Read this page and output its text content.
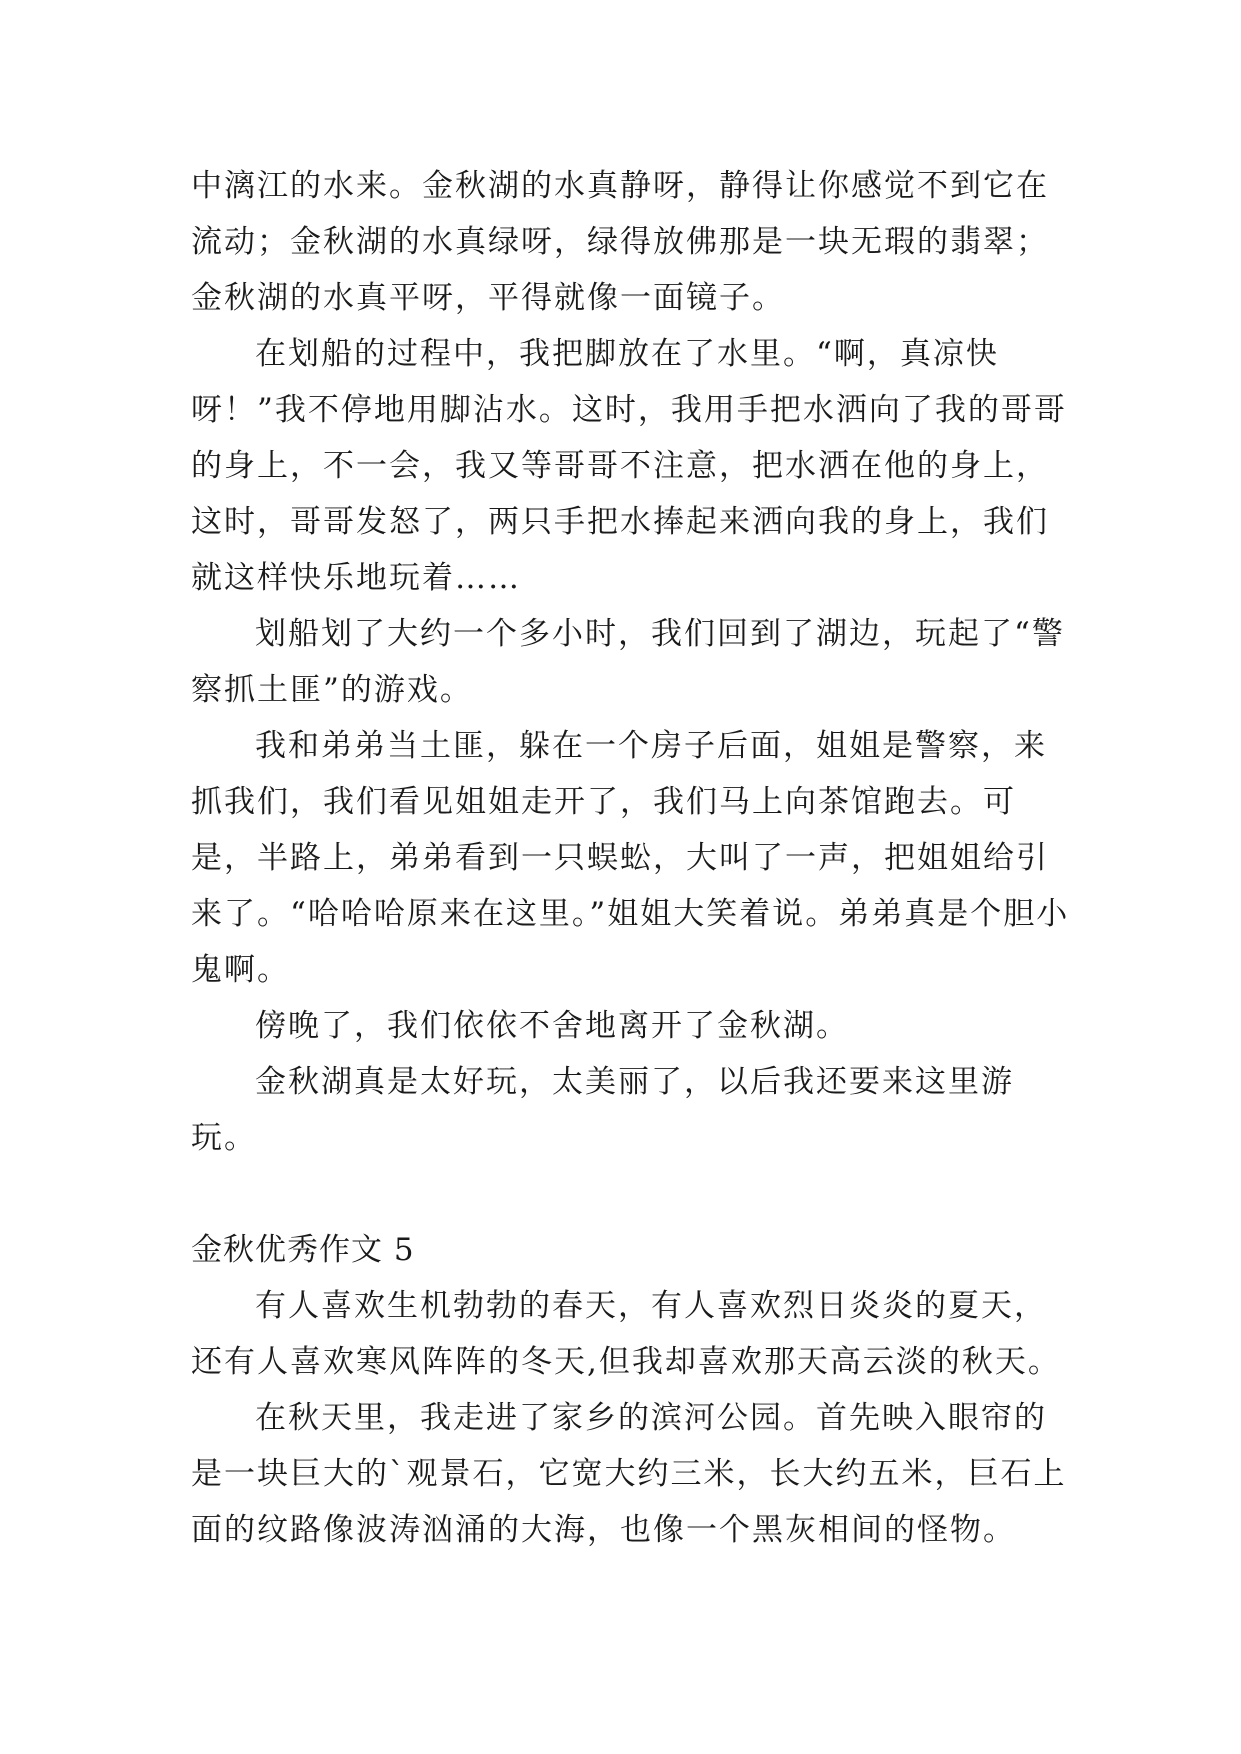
中漓江的水来。金秋湖的水真静呀，静得让你感觉不到它在流动；金秋湖的水真绿呀，绿得放佛那是一块无瑕的翡翠；金秋湖的水真平呀，平得就像一面镜子。

在划船的过程中，我把脚放在了水里。“啊，真凉快呀！”我不停地用脚沾水。这时，我用手把水洒向了我的哥哥的身上，不一会，我又等哥哥不注意，把水洒在他的身上，这时，哥哥发怒了，两只手把水捧起来洒向我的身上，我们就这样快乐地玩着……

划船划了大约一个多小时，我们回到了湖边，玩起了“警察抓土匪”的游戏。

我和弟弟当土匪，躲在一个房子后面，姐姐是警察，来抓我们，我们看见姐姐走开了，我们马上向茶馆跑去。可是，半路上，弟弟看到一只蜈蚣，大叫了一声，把姐姐给引来了。“哈哈哈原来在这里。”姐姐大笑着说。弟弟真是个胆小鬼啊。

傍晚了，我们依依不舍地离开了金秋湖。

金秋湖真是太好玩，太美丽了，以后我还要来这里游玩。

金秋优秀作文 5

有人喜欢生机勃勃的春天，有人喜欢烈日炎炎的夏天，还有人喜欢寒风阵阵的冬天,但我却喜欢那天高云淡的秋天。

在秋天里，我走进了家乡的滨河公园。首先映入眼帘的是一块巨大的`观景石，它宽大约三米，长大约五米，巨石上面的纹路像波涛汹涌的大海，也像一个黑灰相间的怪物。
